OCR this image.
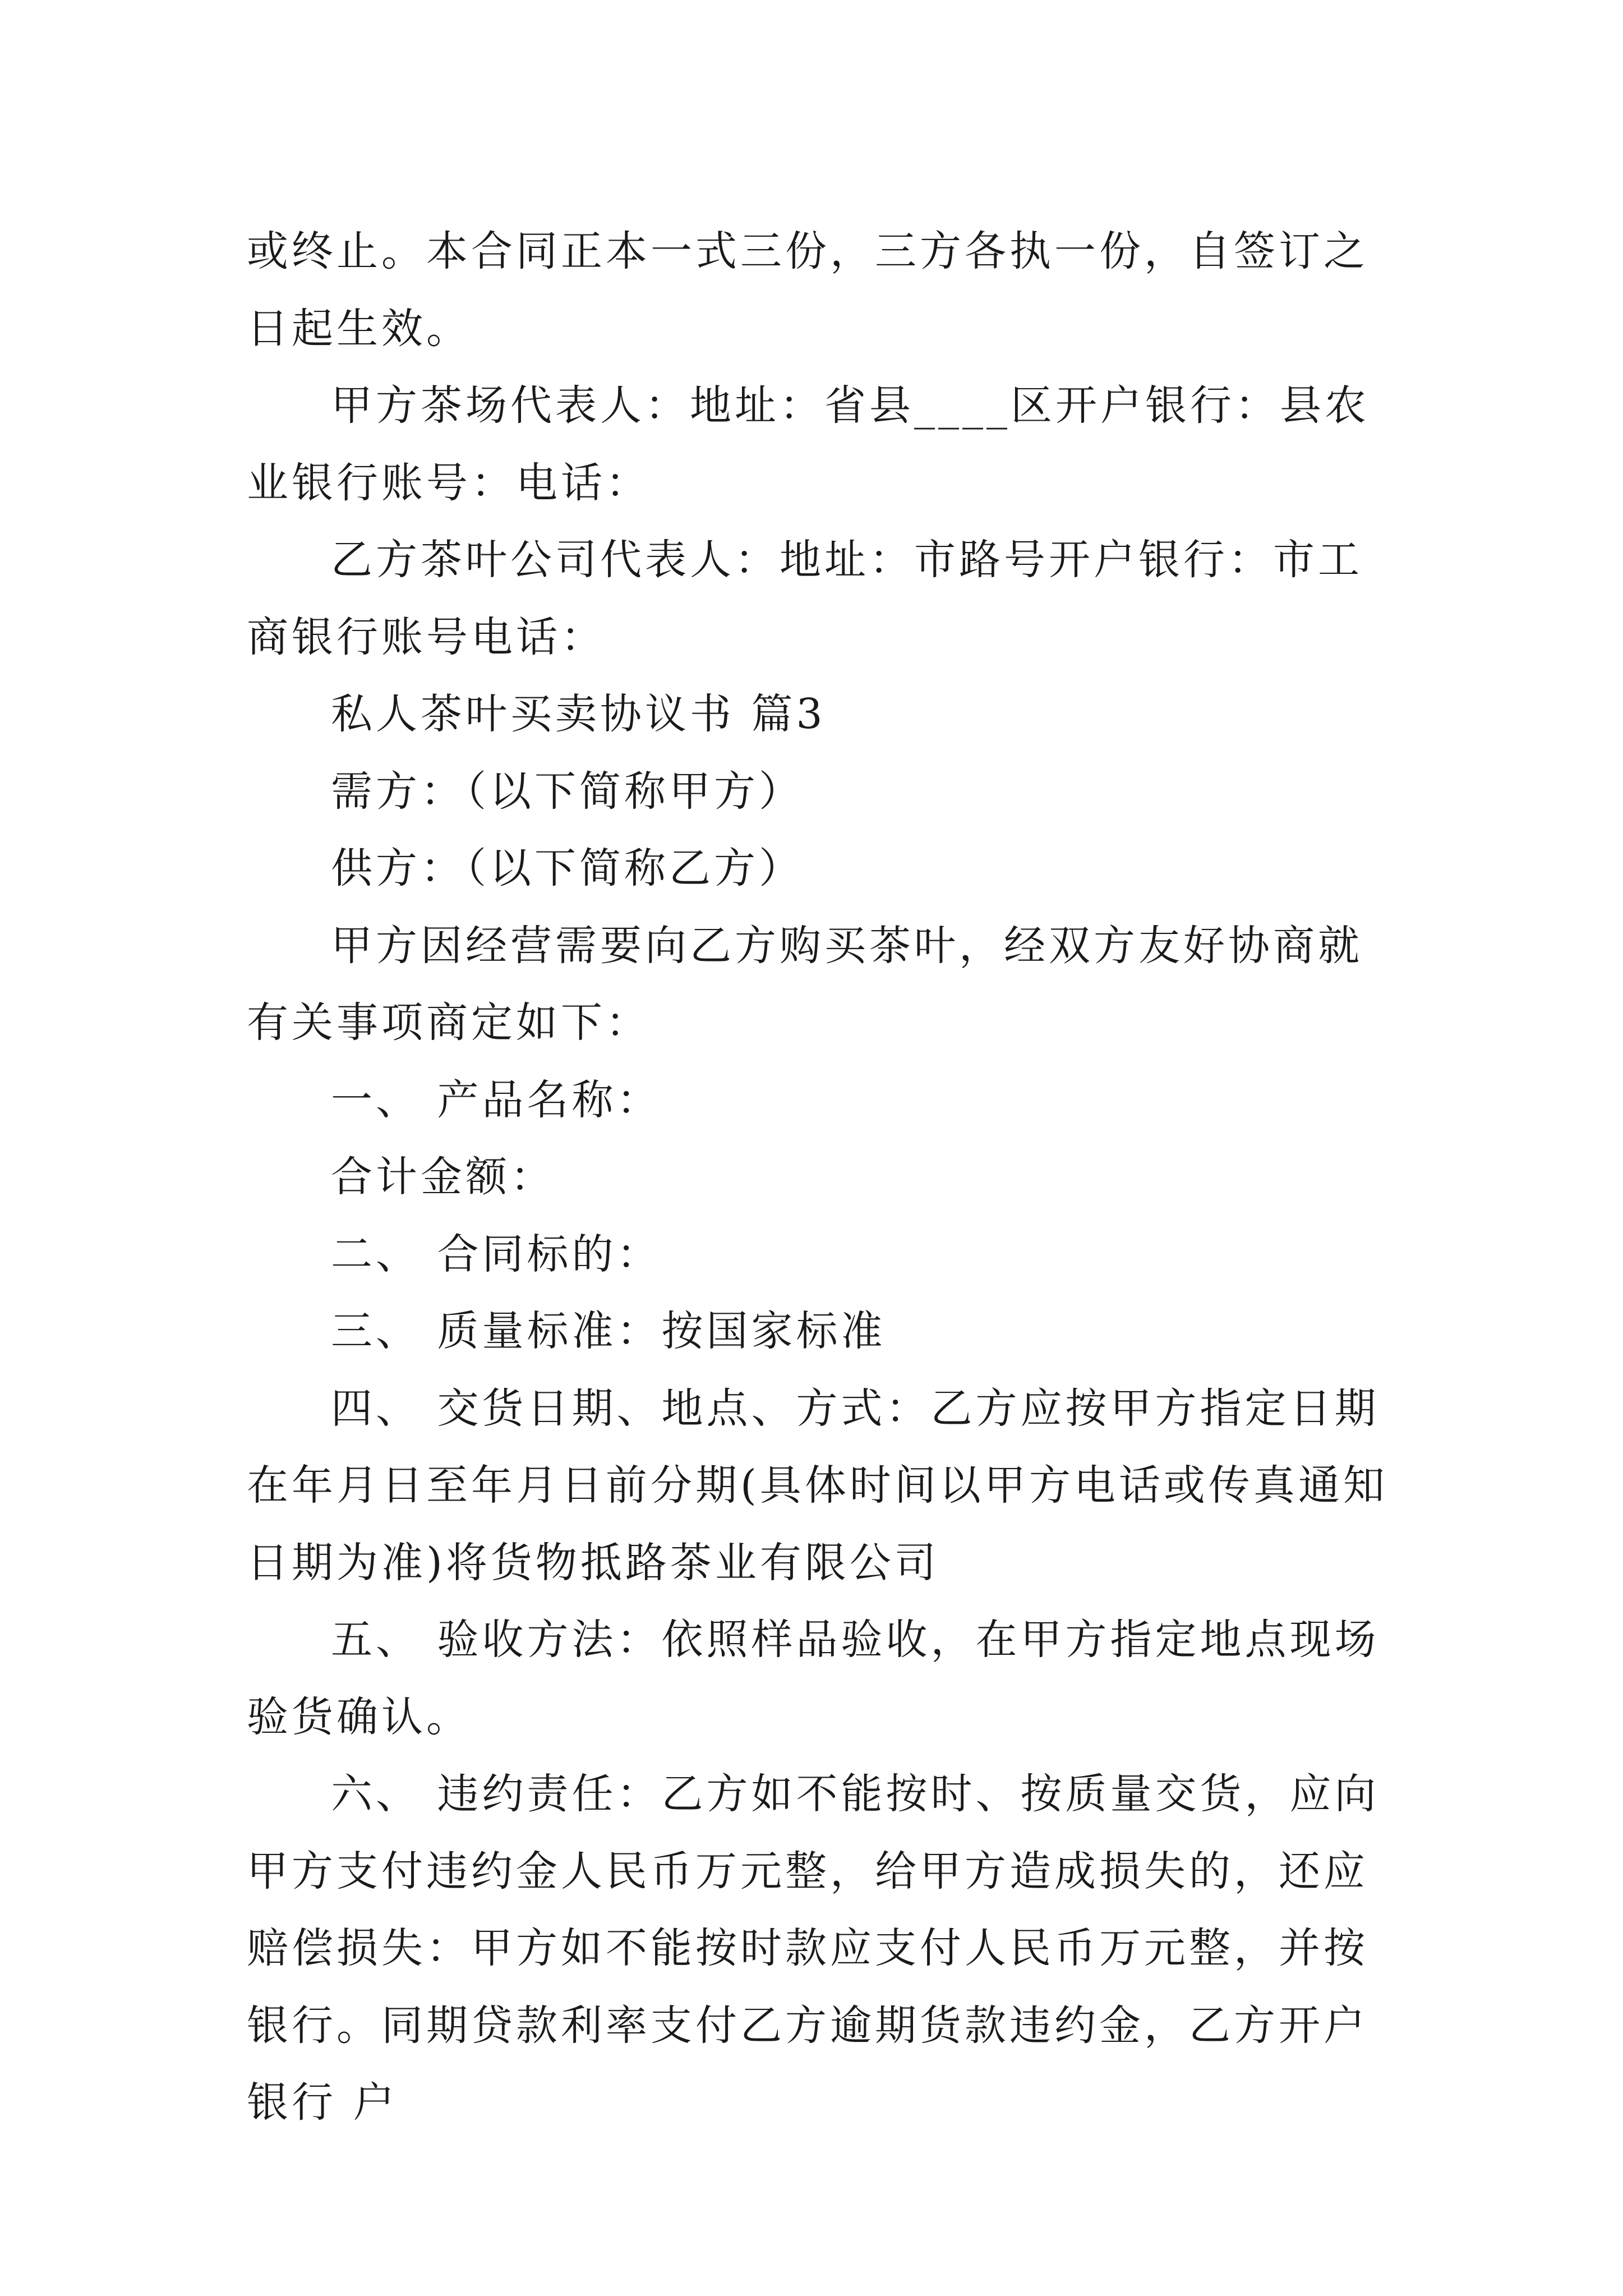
或终止。本合同正本一式三份，三方各执一份，自签订之日起生效。

甲方茶场代表人：地址：省县____区开户银行：县农业银行账号：电话：

乙方茶叶公司代表人：地址：市路号开户银行：市工商银行账号电话：

私人茶叶买卖协议书 篇3

需方：（以下简称甲方）

供方：（以下简称乙方）

甲方因经营需要向乙方购买茶叶，经双方友好协商就有关事项商定如下：

一、 产品名称：

合计金额：

二、 合同标的：

三、 质量标准：按国家标准

四、 交货日期、地点、方式：乙方应按甲方指定日期在年月日至年月日前分期(具体时间以甲方电话或传真通知日期为准)将货物抵路茶业有限公司

五、 验收方法：依照样品验收，在甲方指定地点现场验货确认。

六、 违约责任：乙方如不能按时、按质量交货，应向甲方支付违约金人民币万元整，给甲方造成损失的，还应赔偿损失：甲方如不能按时款应支付人民币万元整，并按银行。同期贷款利率支付乙方逾期货款违约金，乙方开户银行 户
